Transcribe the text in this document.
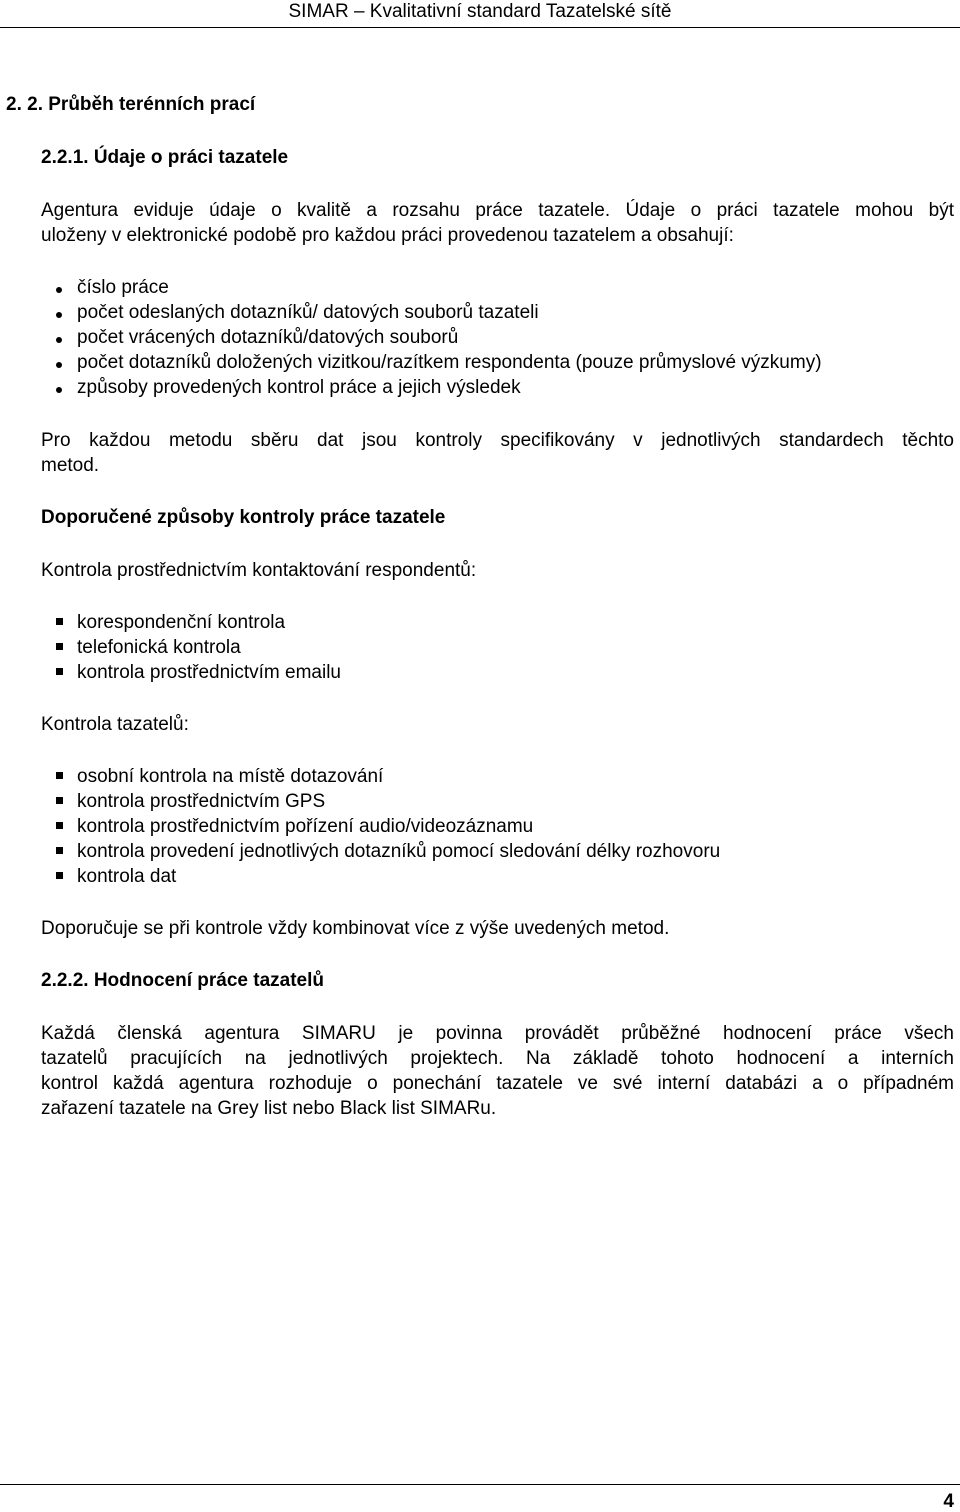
SIMAR – Kvalitativní standard Tazatelské sítě
2. 2. Průběh terénních prací
2.2.1. Údaje o práci tazatele
Agentura eviduje údaje o kvalitě a rozsahu práce tazatele. Údaje o práci tazatele mohou být
uloženy v elektronické podobě pro každou práci provedenou tazatelem a obsahují:
číslo práce
počet odeslaných dotazníků/ datových souborů tazateli
počet vrácených dotazníků/datových souborů
počet dotazníků doložených vizitkou/razítkem respondenta (pouze průmyslové výzkumy)
způsoby provedených kontrol práce a jejich výsledek
Pro každou metodu sběru dat jsou kontroly specifikovány v jednotlivých standardech těchto
metod.
Doporučené způsoby kontroly práce tazatele
Kontrola prostřednictvím kontaktování respondentů:
korespondenční kontrola
telefonická kontrola
kontrola prostřednictvím emailu
Kontrola tazatelů:
osobní kontrola na místě dotazování
kontrola prostřednictvím GPS
kontrola prostřednictvím pořízení audio/videozáznamu
kontrola provedení jednotlivých dotazníků pomocí sledování délky rozhovoru
kontrola dat
Doporučuje se při kontrole vždy kombinovat více z výše uvedených metod.
2.2.2. Hodnocení práce tazatelů
Každá členská agentura SIMARU je povinna provádět průběžné hodnocení práce všech
tazatelů pracujících na jednotlivých projektech. Na základě tohoto hodnocení a interních
kontrol každá agentura rozhoduje o ponechání tazatele ve své interní databázi a o případném
zařazení tazatele na Grey list nebo Black list SIMARu.
4
